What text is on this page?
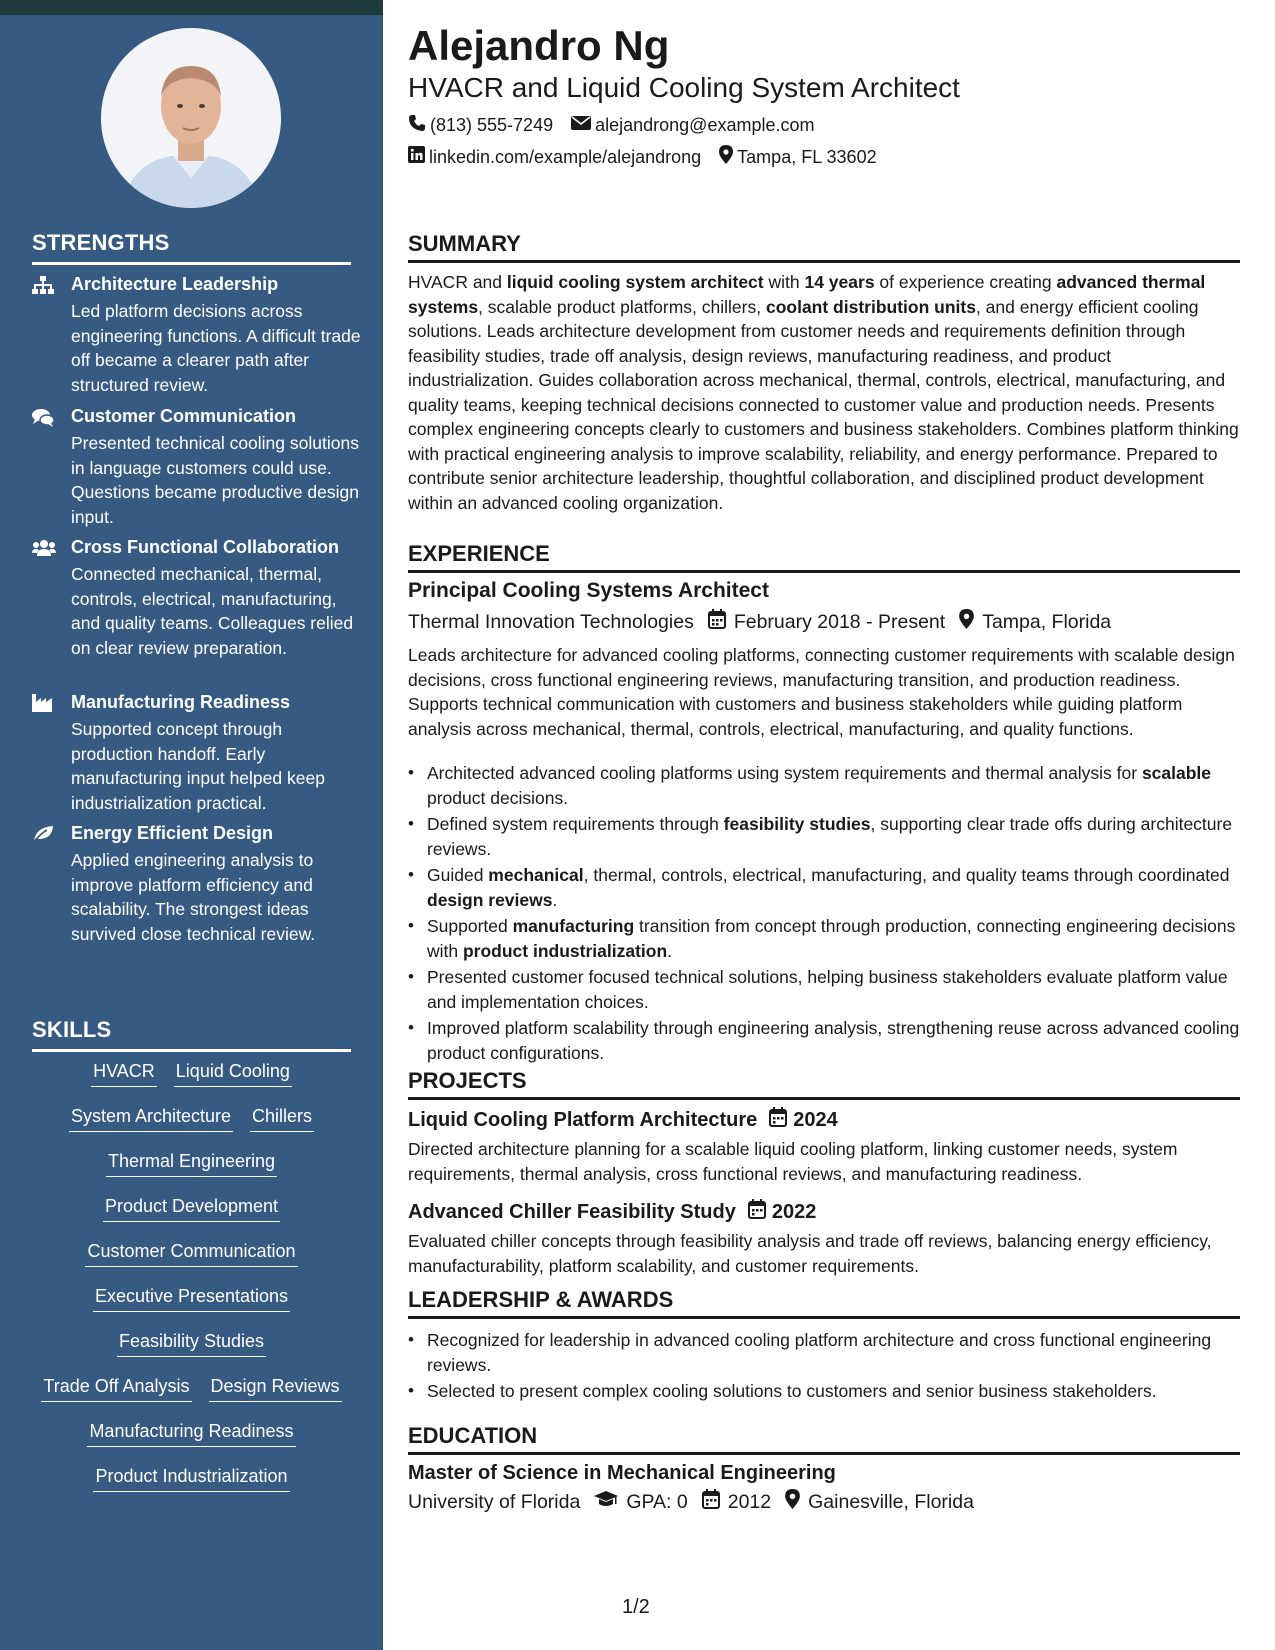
STRENGTHS
Architecture Leadership
Led platform decisions across engineering functions. A difficult trade off became a clearer path after structured review.
Customer Communication
Presented technical cooling solutions in language customers could use. Questions became productive design input.
Cross Functional Collaboration
Connected mechanical, thermal, controls, electrical, manufacturing, and quality teams. Colleagues relied on clear review preparation.
Manufacturing Readiness
Supported concept through production handoff. Early manufacturing input helped keep industrialization practical.
Energy Efficient Design
Applied engineering analysis to improve platform efficiency and scalability. The strongest ideas survived close technical review.
SKILLS
HVACR Liquid Cooling
System Architecture Chillers
Thermal Engineering
Product Development
Customer Communication
Executive Presentations
Feasibility Studies
Trade Off Analysis Design Reviews
Manufacturing Readiness
Product Industrialization
Alejandro Ng
HVACR and Liquid Cooling System Architect
(813) 555-7249 alejandrong@example.com
linkedin.com/example/alejandrong Tampa, FL 33602
SUMMARY
HVACR and liquid cooling system architect with 14 years of experience creating advanced thermal systems, scalable product platforms, chillers, coolant distribution units, and energy efficient cooling solutions. Leads architecture development from customer needs and requirements definition through feasibility studies, trade off analysis, design reviews, manufacturing readiness, and product industrialization. Guides collaboration across mechanical, thermal, controls, electrical, manufacturing, and quality teams, keeping technical decisions connected to customer value and production needs. Presents complex engineering concepts clearly to customers and business stakeholders. Combines platform thinking with practical engineering analysis to improve scalability, reliability, and energy performance. Prepared to contribute senior architecture leadership, thoughtful collaboration, and disciplined product development within an advanced cooling organization.
EXPERIENCE
Principal Cooling Systems Architect
Thermal Innovation Technologies February 2018 - Present Tampa, Florida
Leads architecture for advanced cooling platforms, connecting customer requirements with scalable design decisions, cross functional engineering reviews, manufacturing transition, and production readiness. Supports technical communication with customers and business stakeholders while guiding platform analysis across mechanical, thermal, controls, electrical, manufacturing, and quality functions.
• Architected advanced cooling platforms using system requirements and thermal analysis for scalable product decisions.
• Defined system requirements through feasibility studies, supporting clear trade offs during architecture reviews.
• Guided mechanical, thermal, controls, electrical, manufacturing, and quality teams through coordinated design reviews.
• Supported manufacturing transition from concept through production, connecting engineering decisions with product industrialization.
• Presented customer focused technical solutions, helping business stakeholders evaluate platform value and implementation choices.
• Improved platform scalability through engineering analysis, strengthening reuse across advanced cooling product configurations.
PROJECTS
Liquid Cooling Platform Architecture 2024
Directed architecture planning for a scalable liquid cooling platform, linking customer needs, system requirements, thermal analysis, cross functional reviews, and manufacturing readiness.
Advanced Chiller Feasibility Study 2022
Evaluated chiller concepts through feasibility analysis and trade off reviews, balancing energy efficiency, manufacturability, platform scalability, and customer requirements.
LEADERSHIP & AWARDS
• Recognized for leadership in advanced cooling platform architecture and cross functional engineering reviews.
• Selected to present complex cooling solutions to customers and senior business stakeholders.
EDUCATION
Master of Science in Mechanical Engineering
University of Florida GPA: 0 2012 Gainesville, Florida
1/2
